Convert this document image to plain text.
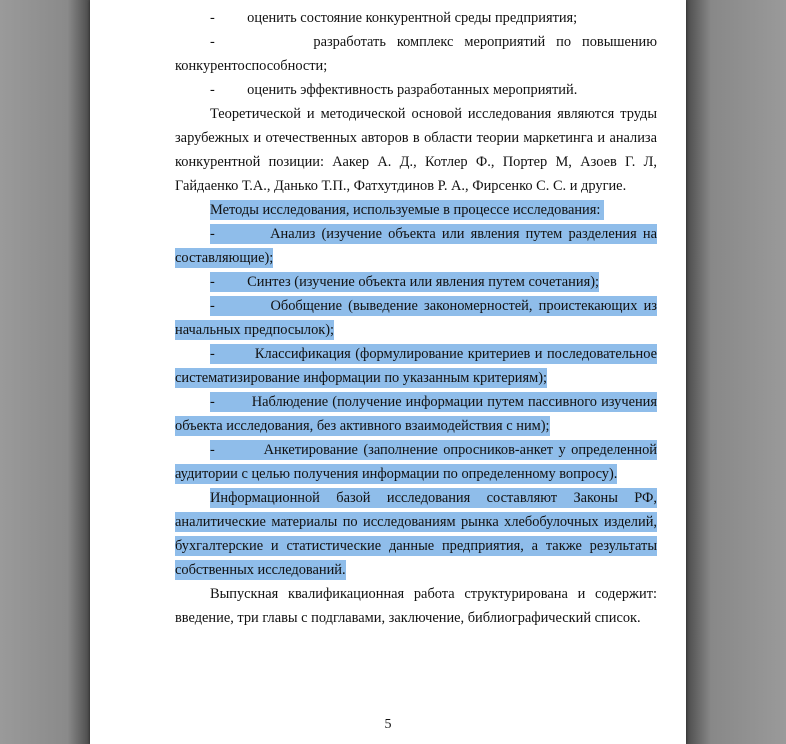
-         оценить состояние конкурентной среды предприятия;

-         разработать комплекс мероприятий по повышению конкурентоспособности;

-         оценить эффективность разработанных мероприятий.

Теоретической и методической основой исследования являются труды зарубежных и отечественных авторов в области теории маркетинга и анализа конкурентной позиции: Аакер А. Д., Котлер Ф., Портер М, Азоев Г. Л, Гайдаенко Т.А., Данько Т.П., Фатхутдинов Р. А., Фирсенко С. С. и другие.

Методы исследования, используемые в процессе исследования:

-         Анализ (изучение объекта или явления путем разделения на составляющие);

-         Синтез (изучение объекта или явления путем сочетания);

-         Обобщение (выведение закономерностей, проистекающих из начальных предпосылок);

-         Классификация (формулирование критериев и последовательное систематизирование информации по указанным критериям);

-         Наблюдение (получение информации путем пассивного изучения объекта исследования, без активного взаимодействия с ним);

-         Анкетирование (заполнение опросников-анкет у определенной аудитории с целью получения информации по определенному вопросу).

Информационной базой исследования составляют Законы РФ, аналитические материалы по исследованиям рынка хлебобулочных изделий, бухгалтерские и статистические данные предприятия, а также результаты собственных исследований.

Выпускная квалификационная работа структурирована и содержит: введение, три главы с подглавами, заключение, библиографический список.

5
